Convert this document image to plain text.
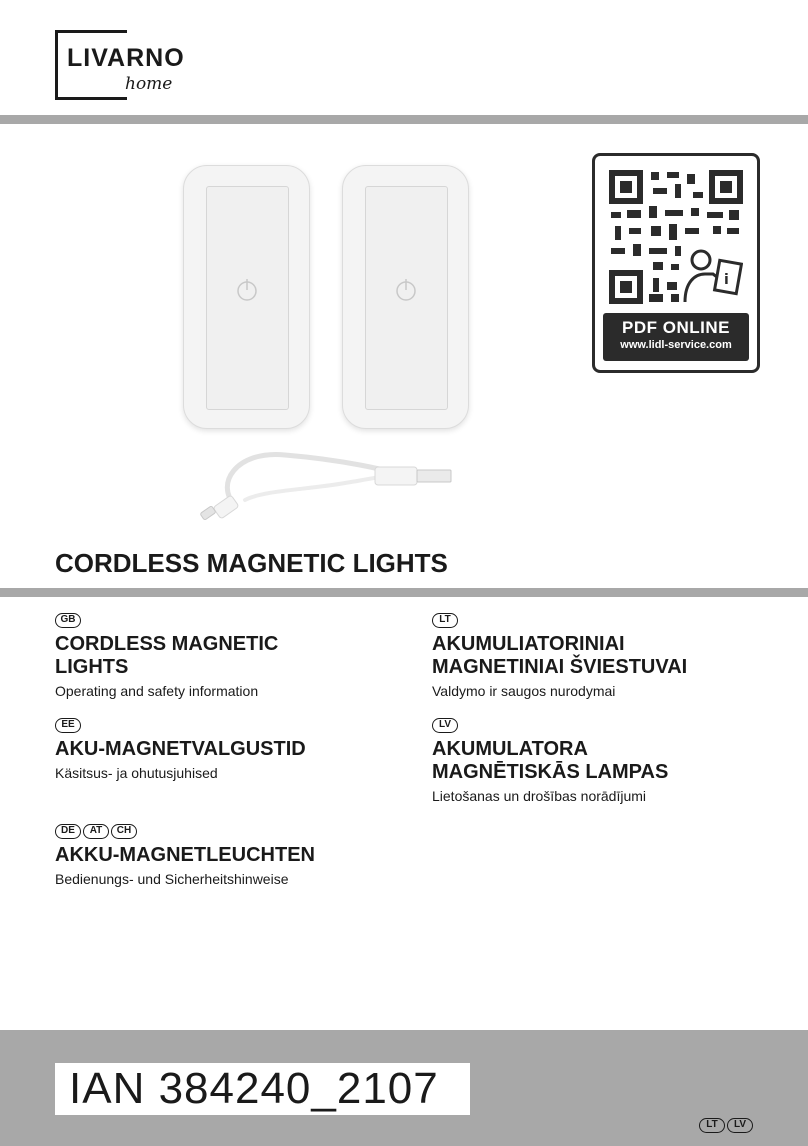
LIVARNO
home
i
PDF ONLINE
www.lidl-service.com
CORDLESS MAGNETIC LIGHTS
GB
CORDLESS MAGNETIC LIGHTS
Operating and safety information
EE
AKU-MAGNETVALGUSTID
Käsitsus- ja ohutusjuhised
DE	AT	CH
AKKU-MAGNETLEUCHTEN
Bedienungs- und Sicherheitshinweise
LT
AKUMULIATORINIAI MAGNETINIAI ŠVIESTUVAI
Valdymo ir saugos nurodymai
LV
AKUMULATORA MAGNĒTISKĀS LAMPAS
Lietošanas un drošības norādījumi
IAN 384240_2107
LT	LV
